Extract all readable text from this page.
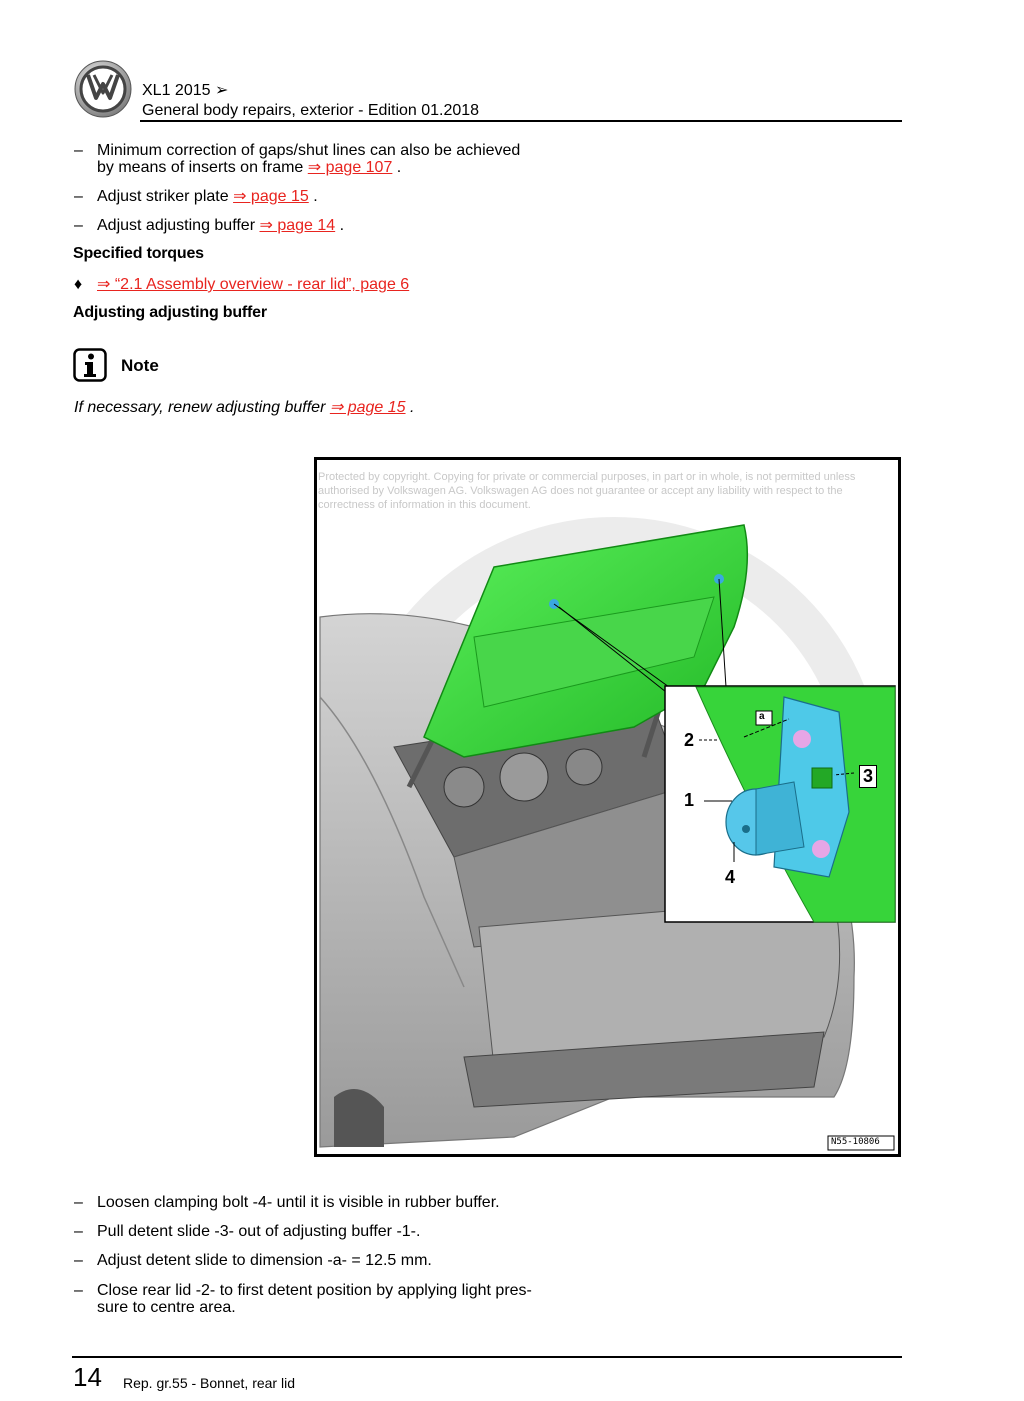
XL1 2015 ➢
General body repairs, exterior - Edition 01.2018
– Minimum correction of gaps/shut lines can also be achieved
by means of inserts on frame ⇒ page 107 .
– Adjust striker plate ⇒ page 15 .
– Adjust adjusting buffer ⇒ page 14 .
Specified torques
♦ ⇒ “2.1 Assembly overview - rear lid”, page 6
Adjusting adjusting buffer
Note
If necessary, renew adjusting buffer ⇒ page 15 .
2
1
3
4
a
N55-10806
Protected by copyright. Copying for private or commercial purposes, in part or in whole, is not permitted unless authorised by Volkswagen AG. Volkswagen AG does not guarantee or accept any liability with respect to the correctness of information in this document.
– Loosen clamping bolt -4- until it is visible in rubber buffer.
– Pull detent slide -3- out of adjusting buffer -1-.
– Adjust detent slide to dimension -a- = 12.5 mm.
– Close rear lid -2- to first detent position by applying light pres-
sure to centre area.
14 Rep. gr.55 - Bonnet, rear lid
